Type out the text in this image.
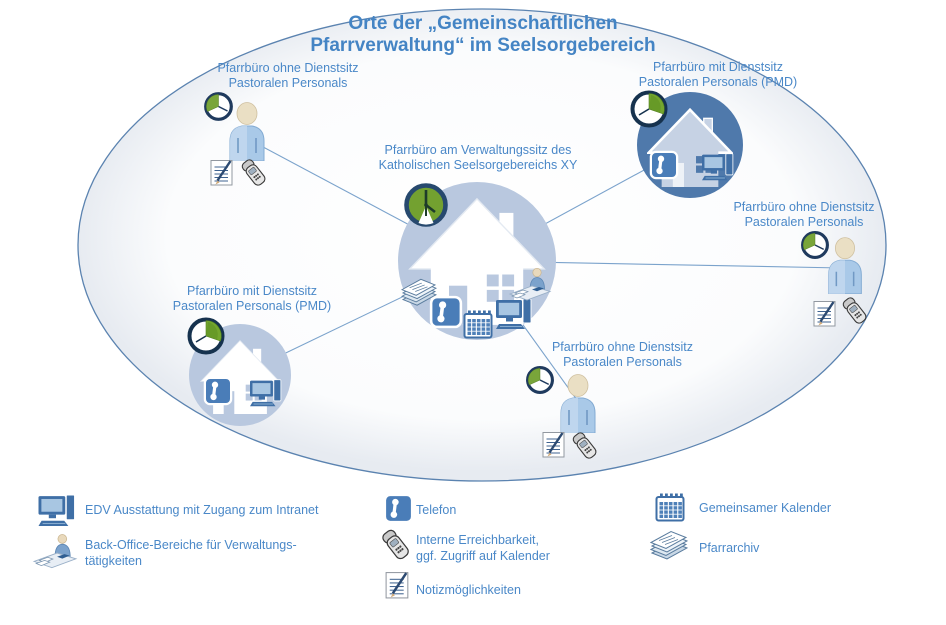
Orte der „Gemeinschaftlichen
Pfarrverwaltung“ im Seelsorgebereich
Pfarrbüro am Verwaltungssitz des
Katholischen Seelsorgebereichs XY
Pfarrbüro ohne Dienstsitz
Pastoralen Personals
Pfarrbüro mit Dienstsitz
Pastoralen Personals (PMD)
Pfarrbüro ohne Dienstsitz
Pastoralen Personals
Pfarrbüro mit Dienstsitz
Pastoralen Personals (PMD)
Pfarrbüro ohne Dienstsitz
Pastoralen Personals
EDV Ausstattung mit Zugang zum Intranet
Back-Office-Bereiche für Verwaltungs-
tätigkeiten
Telefon
Interne Erreichbarkeit,
ggf. Zugriff auf Kalender
Notizmöglichkeiten
Gemeinsamer Kalender
Pfarrarchiv
